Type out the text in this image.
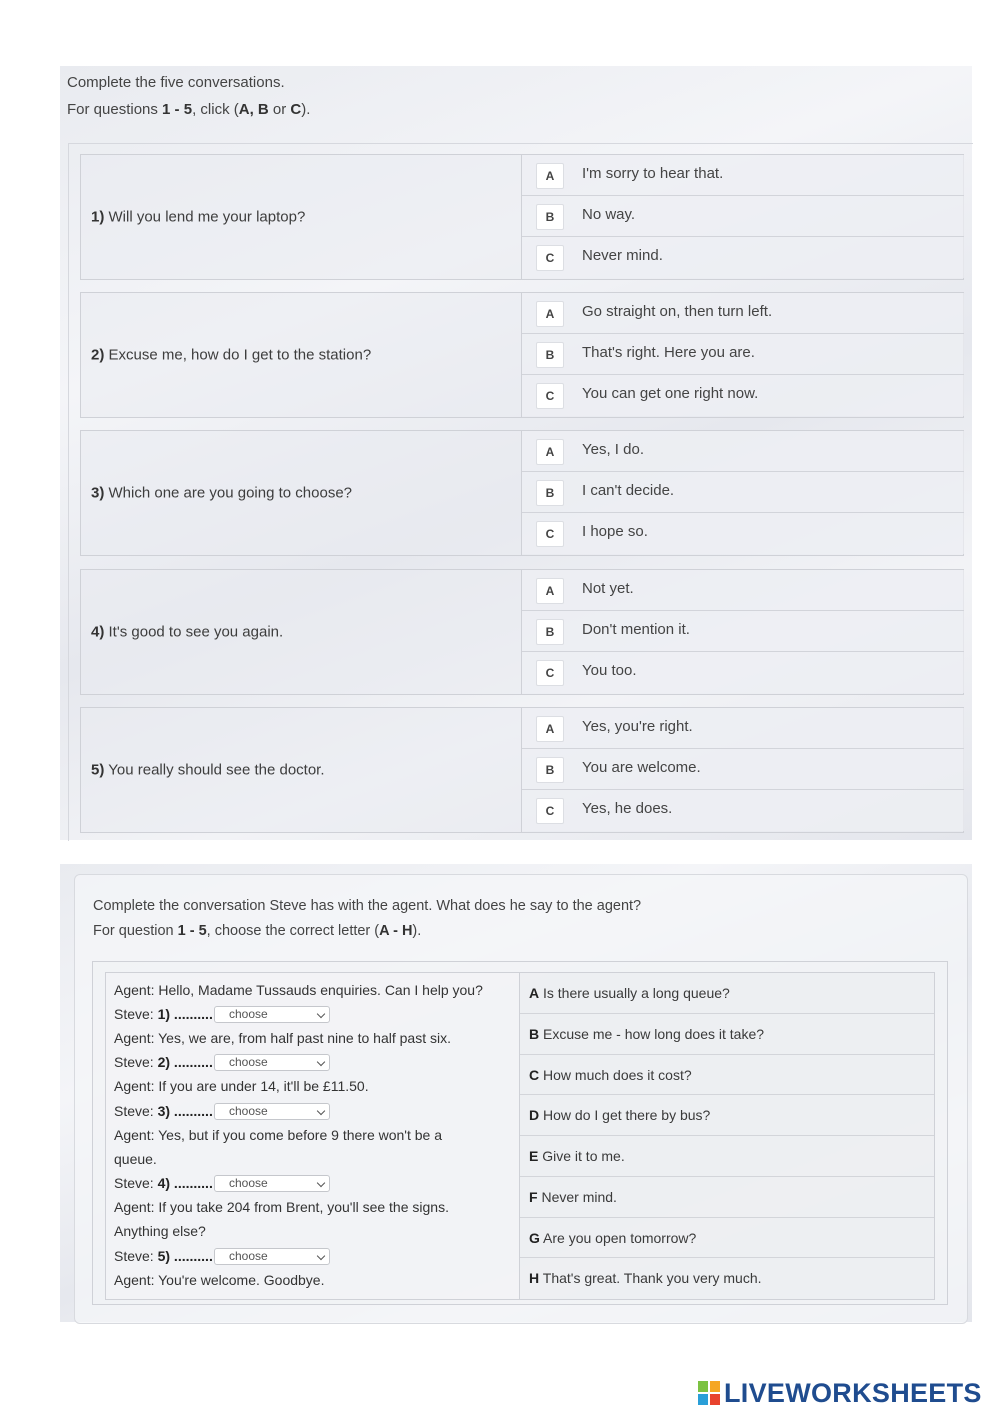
Complete the five conversations.
For questions 1 - 5, click (A, B or C).
1) Will you lend me your laptop?
A	I'm sorry to hear that.
B	No way.
C	Never mind.
2) Excuse me, how do I get to the station?
A	Go straight on, then turn left.
B	That's right. Here you are.
C	You can get one right now.
3) Which one are you going to choose?
A	Yes, I do.
B	I can't decide.
C	I hope so.
4) It's good to see you again.
A	Not yet.
B	Don't mention it.
C	You too.
5) You really should see the doctor.
A	Yes, you're right.
B	You are welcome.
C	Yes, he does.
Complete the conversation Steve has with the agent. What does he say to the agent?
For question 1 - 5, choose the correct letter (A - H).
Agent: Hello, Madame Tussauds enquiries. Can I help you?
Steve: 1) ..........	choose
Agent: Yes, we are, from half past nine to half past six.
Steve: 2) ..........	choose
Agent: If you are under 14, it'll be £11.50.
Steve: 3) ..........	choose
Agent: Yes, but if you come before 9 there won't be a
queue.
Steve: 4) ..........	choose
Agent: If you take 204 from Brent, you'll see the signs.
Anything else?
Steve: 5) ..........	choose
Agent: You're welcome. Goodbye.
A Is there usually a long queue?
B Excuse me - how long does it take?
C How much does it cost?
D How do I get there by bus?
E Give it to me.
F Never mind.
G Are you open tomorrow?
H That's great. Thank you very much.
LIVEWORKSHEETS
